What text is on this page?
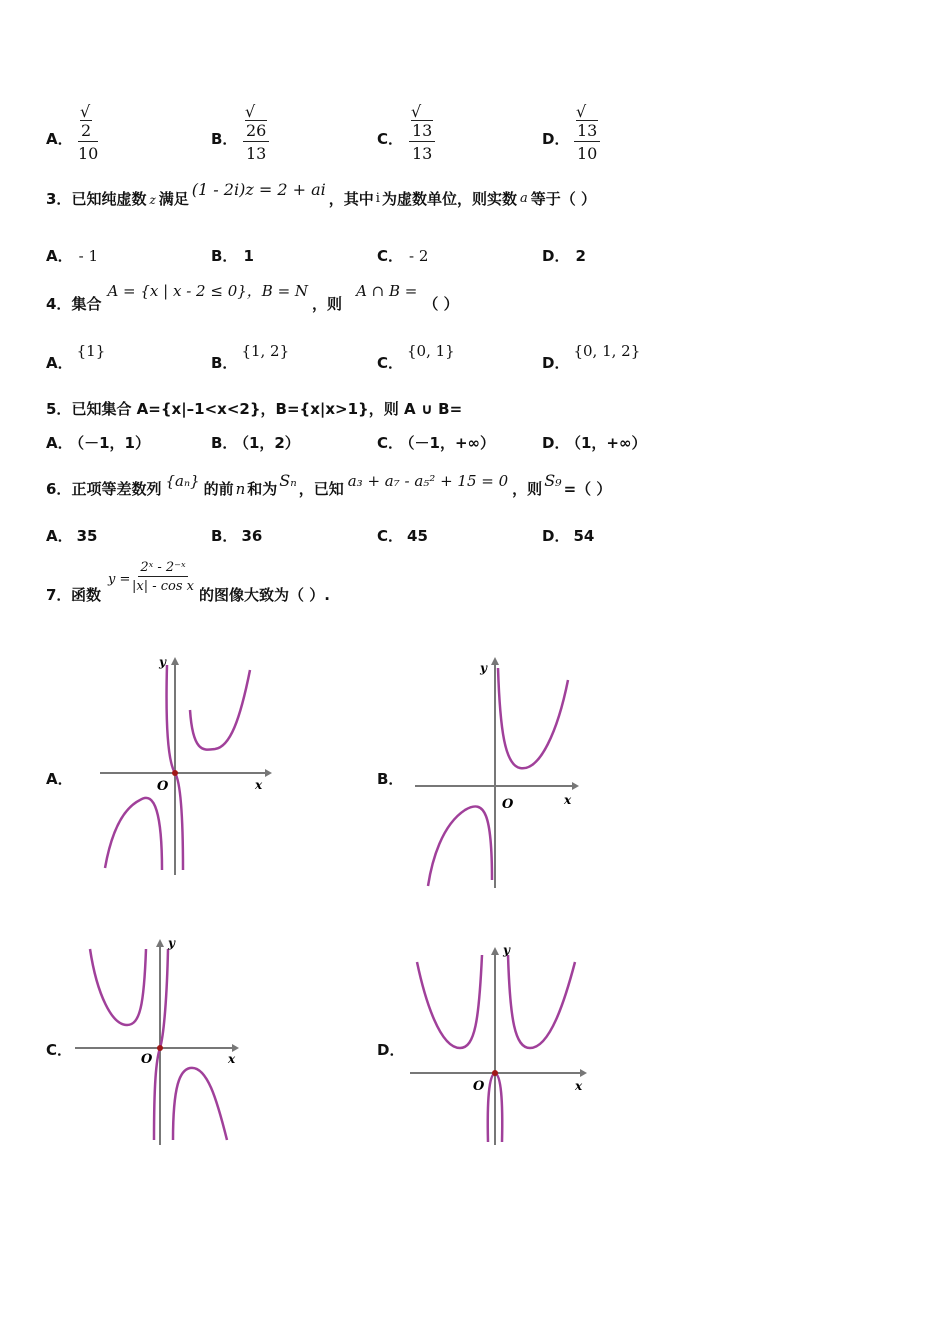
A． $\frac{√2}{10}$	B． $\frac{√26}{13}$	C． $\frac{√13}{13}$	D． $\frac{√13}{10}$
3．已知纯虚数 z 满足 (1 - 2i)z = 2 + ai ，其中 i 为虚数单位，则实数 a 等于（ ）
A． - 1	B． 1	C． - 2	D． 2
4．集合A = {x | x - 2 ≤ 0}，B = N，则A ∩ B =（ ）
A．{1}
B．{1, 2}
C．{0, 1}
D．{0, 1, 2}
5．已知集合 A={x|–1<x<2}，B={x|x>1}，则 A ∪ B=
A． （－1，1）	B． （1，2）	C． （－1，+∞）	D． （1，+∞）
6．正项等差数列 {aₙ} 的前 n 和为 Sₙ ，已知 a₃ + a₇ - a₅² + 15 = 0 ，则 S₉ =（ ）
A． 35	B． 36	C． 45	D． 54
7． 函数
$y = \frac{\text{2ˣ - 2⁻ˣ}}{\text{|x| - cos x}}$
的图像大致为（ ）.
A．	B．
C．	D．
O	x
y
O	x
y
O	x
y
O	x
y
